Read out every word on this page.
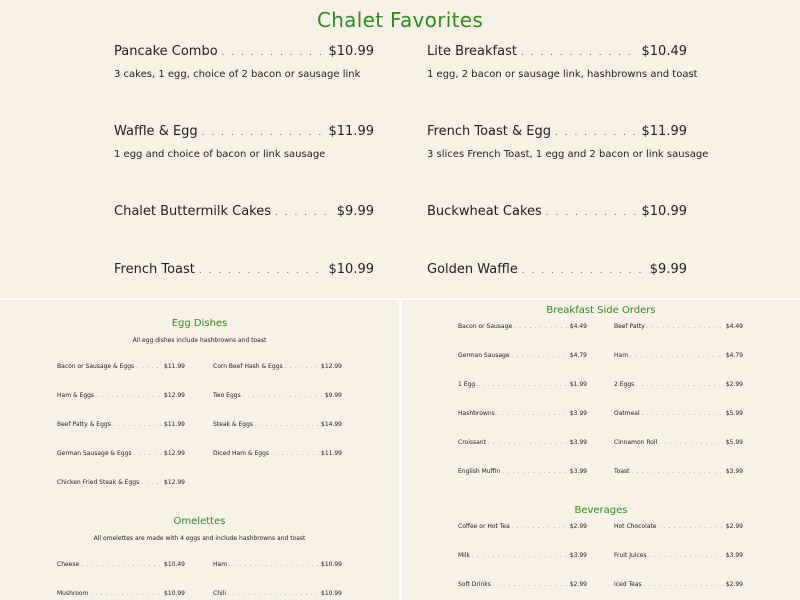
Chalet Favorites
Pancake Combo . . .	$10.99
3 cakes, 1 egg, choice of 2 bacon or sausage link
Lite Breakfast . . .	$10.49
1 egg, 2 bacon or sausage link, hashbrowns and toast
Waffle & Egg . . .	$11.99
1 egg and choice of bacon or link sausage
French Toast & Egg . . .	$11.99
3 slices French Toast, 1 egg and 2 bacon or link sausage
Chalet Buttermilk Cakes . . .	$9.99	Buckwheat Cakes . . .	$10.99
French Toast . . .	$10.99	Golden Waffle . . .	$9.99
Egg Dishes
All egg dishes include hashbrowns and toast
Bacon or Sausage & Eggs . . .	$11.99	Corn Beef Hash & Eggs . . .	$12.99
Ham & Eggs . . .	$12.99	Two Eggs . . .	$9.99
Beef Patty & Eggs . . .	$11.99	Steak & Eggs . . .	$14.99
German Sausage & Eggs . . .	$12.99	Diced Ham & Eggs . . .	$11.99
Chicken Fried Steak & Eggs . . .	$12.99
Omelettes
All omelettes are made with 4 eggs and include hashbrowns and toast
Cheese . . .	$10.49	Ham . . .	$10.99
Mushroom . . .	$10.99	Chili . . .	$10.99
Breakfast Side Orders
Bacon or Sausage . . .	$4.49	Beef Patty . . .	$4.49
German Sausage . . .	$4.79	Ham . . .	$4.79
1 Egg . . .	$1.99	2 Eggs . . .	$2.99
Hashbrowns . . .	$3.99	Oatmeal . . .	$5.99
Croissant . . .	$3.99	Cinnamon Roll . . .	$5.99
English Muffin . . .	$3.99	Toast . . .	$3.99
Beverages
Coffee or Hot Tea . . .	$2.99	Hot Chocolate . . .	$2.99
Milk . . .	$3.99	Fruit Juices . . .	$3.99
Soft Drinks . . .	$2.99	Iced Teas . . .	$2.99
